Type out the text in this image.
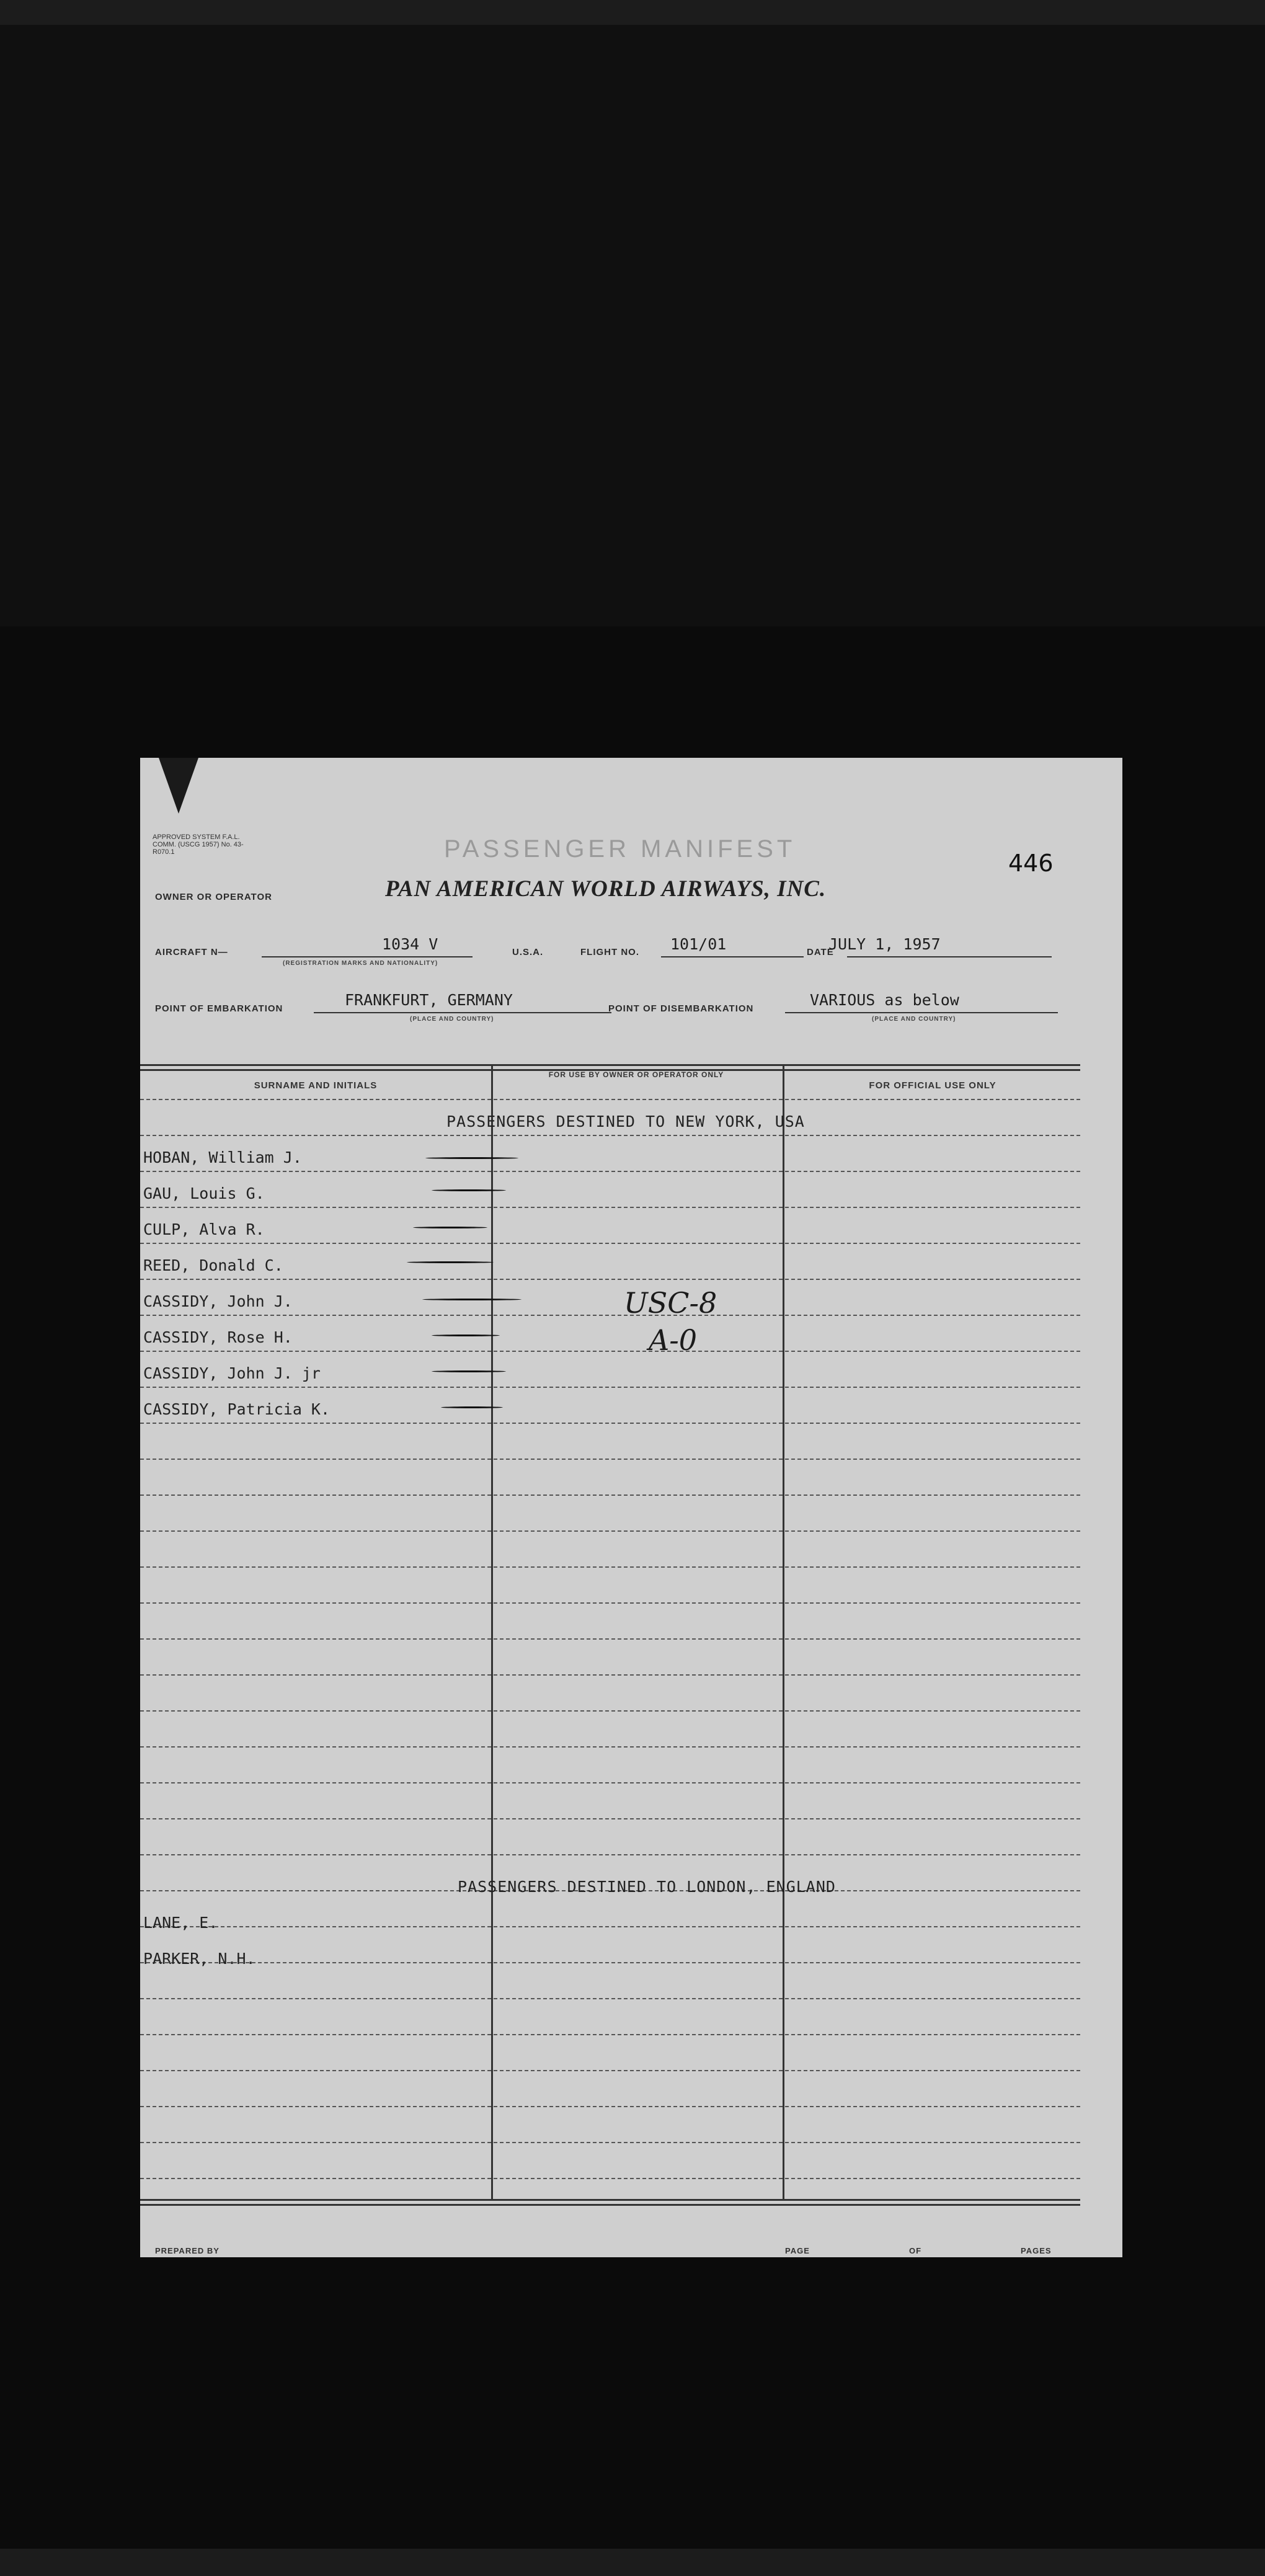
APPROVED SYSTEM F.A.L. COMM. (USCG 1957) No. 43-R070.1	PASSENGER MANIFEST
446
OWNER OR OPERATOR	PAN AMERICAN WORLD AIRWAYS, INC.
AIRCRAFT N—	1034 V
(REGISTRATION MARKS AND NATIONALITY)
U.S.A.	FLIGHT NO. 101/01	DATE
JULY 1, 1957
POINT OF EMBARKATION	FRANKFURT, GERMANY
(PLACE AND COUNTRY)
POINT OF DISEMBARKATION	VARIOUS as below
(PLACE AND COUNTRY)
SURNAME AND INITIALS
FOR USE BY OWNER OR OPERATOR ONLY
FOR OFFICIAL USE ONLY
PASSENGERS DESTINED TO NEW YORK, USA
HOBAN, William J.
GAU, Louis G.
CULP, Alva R.
REED, Donald C.
CASSIDY, John J.
CASSIDY, Rose H.
CASSIDY, John J. jr
CASSIDY, Patricia K.
USC-8
A-0
PASSENGERS DESTINED TO LONDON, ENGLAND
LANE, E.
PARKER, N.H.
PREPARED BY	PAGE	OF	PAGES
